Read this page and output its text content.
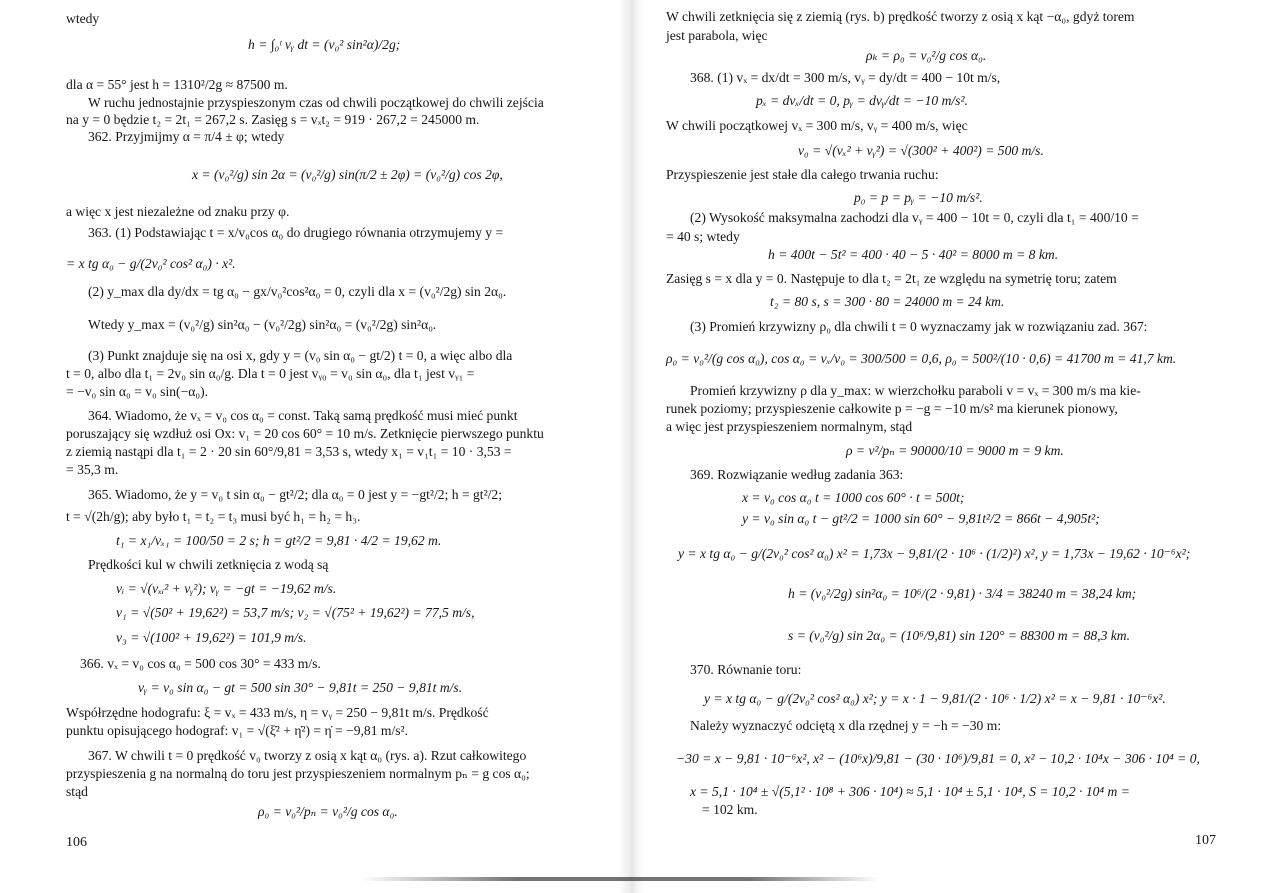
wtedy
h = ∫₀ᵗ vᵧ dt = (v₀² sin²α)/2g;
dla α = 55° jest h = 1310²/2g ≈ 87500 m.
W ruchu jednostajnie przyspieszonym czas od chwili początkowej do chwili zejścia
na y = 0 będzie t₂ = 2t₁ = 267,2 s. Zasięg s = vₓt₂ = 919 · 267,2 = 245000 m.
362. Przyjmijmy α = π/4 ± φ; wtedy
x = (v₀²/g) sin 2α = (v₀²/g) sin(π/2 ± 2φ) = (v₀²/g) cos 2φ,
a więc x jest niezależne od znaku przy φ.
363. (1) Podstawiając t = x/v₀cos α₀ do drugiego równania otrzymujemy y =
= x tg α₀ − g/(2v₀² cos² α₀) · x².
(2) y_max dla dy/dx = tg α₀ − gx/v₀²cos²α₀ = 0, czyli dla x = (v₀²/2g) sin 2α₀.
Wtedy y_max = (v₀²/g) sin²α₀ − (v₀²/2g) sin²α₀ = (v₀²/2g) sin²α₀.
(3) Punkt znajduje się na osi x, gdy y = (v₀ sin α₀ − gt/2) t = 0, a więc albo dla
t = 0, albo dla t₁ = 2v₀ sin α₀/g. Dla t = 0 jest vᵧ₀ = v₀ sin α₀, dla t₁ jest vᵧ₁ =
= −v₀ sin α₀ = v₀ sin(−α₀).
364. Wiadomo, że vₓ = v₀ cos α₀ = const. Taką samą prędkość musi mieć punkt
poruszający się wzdłuż osi Ox: v₁ = 20 cos 60° = 10 m/s. Zetknięcie pierwszego punktu
z ziemią nastąpi dla t₁ = 2 · 20 sin 60°/9,81 = 3,53 s, wtedy x₁ = v₁t₁ = 10 · 3,53 =
= 35,3 m.
365. Wiadomo, że y = v₀ t sin α₀ − gt²/2; dla α₀ = 0 jest y = −gt²/2; h = gt²/2;
t = √(2h/g); aby było t₁ = t₂ = t₃ musi być h₁ = h₂ = h₃.
t₁ = x₁/vₓ₁ = 100/50 = 2 s; h = gt²/2 = 9,81 · 4/2 = 19,62 m.
Prędkości kul w chwili zetknięcia z wodą są
vᵢ = √(vₓᵢ² + vᵧ²); vᵧ = −gt = −19,62 m/s.
v₁ = √(50² + 19,62²) = 53,7 m/s; v₂ = √(75² + 19,62²) = 77,5 m/s,
v₃ = √(100² + 19,62²) = 101,9 m/s.
366. vₓ = v₀ cos α₀ = 500 cos 30° = 433 m/s.
vᵧ = v₀ sin α₀ − gt = 500 sin 30° − 9,81t = 250 − 9,81t m/s.
Współrzędne hodografu: ξ = vₓ = 433 m/s, η = vᵧ = 250 − 9,81t m/s. Prędkość
punktu opisującego hodograf: v₁ = √(ξ̇² + η̇²) = η̇ = −9,81 m/s².
367. W chwili t = 0 prędkość v₀ tworzy z osią x kąt α₀ (rys. a). Rzut całkowitego
przyspieszenia g na normalną do toru jest przyspieszeniem normalnym pₙ = g cos α₀;
stąd
ρ₀ = v₀²/pₙ = v₀²/g cos α₀.
106
W chwili zetknięcia się z ziemią (rys. b) prędkość tworzy z osią x kąt −α₀, gdyż torem
jest parabola, więc
ρₖ = ρ₀ = v₀²/g cos α₀.
368. (1) vₓ = dx/dt = 300 m/s, vᵧ = dy/dt = 400 − 10t m/s,
pₓ = dvₓ/dt = 0, pᵧ = dvᵧ/dt = −10 m/s².
W chwili początkowej vₓ = 300 m/s, vᵧ = 400 m/s, więc
v₀ = √(vₓ² + vᵧ²) = √(300² + 400²) = 500 m/s.
Przyspieszenie jest stałe dla całego trwania ruchu:
p₀ = p = pᵧ = −10 m/s².
(2) Wysokość maksymalna zachodzi dla vᵧ = 400 − 10t = 0, czyli dla t₁ = 400/10 =
= 40 s; wtedy
h = 400t − 5t² = 400 · 40 − 5 · 40² = 8000 m = 8 km.
Zasięg s = x dla y = 0. Następuje to dla t₂ = 2t₁ ze względu na symetrię toru; zatem
t₂ = 80 s, s = 300 · 80 = 24000 m = 24 km.
(3) Promień krzywizny ρ₀ dla chwili t = 0 wyznaczamy jak w rozwiązaniu zad. 367:
ρ₀ = v₀²/(g cos α₀), cos α₀ = vₓ/v₀ = 300/500 = 0,6, ρ₀ = 500²/(10 · 0,6) = 41700 m = 41,7 km.
Promień krzywizny ρ dla y_max: w wierzchołku paraboli v = vₓ = 300 m/s ma kie-
runek poziomy; przyspieszenie całkowite p = −g = −10 m/s² ma kierunek pionowy,
a więc jest przyspieszeniem normalnym, stąd
ρ = v²/pₙ = 90000/10 = 9000 m = 9 km.
369. Rozwiązanie według zadania 363:
x = v₀ cos α₀ t = 1000 cos 60° · t = 500t;
y = v₀ sin α₀ t − gt²/2 = 1000 sin 60° − 9,81t²/2 = 866t − 4,905t²;
y = x tg α₀ − g/(2v₀² cos² α₀) x² = 1,73x − 9,81/(2 · 10⁶ · (1/2)²) x², y = 1,73x − 19,62 · 10⁻⁶x²;
h = (v₀²/2g) sin²α₀ = 10⁶/(2 · 9,81) · 3/4 = 38240 m = 38,24 km;
s = (v₀²/g) sin 2α₀ = (10⁶/9,81) sin 120° = 88300 m = 88,3 km.
370. Równanie toru:
y = x tg α₀ − g/(2v₀² cos² α₀) x²; y = x · 1 − 9,81/(2 · 10⁶ · 1/2) x² = x − 9,81 · 10⁻⁶x².
Należy wyznaczyć odciętą x dla rzędnej y = −h = −30 m:
−30 = x − 9,81 · 10⁻⁶x², x² − (10⁶x)/9,81 − (30 · 10⁶)/9,81 = 0, x² − 10,2 · 10⁴x − 306 · 10⁴ = 0,
x = 5,1 · 10⁴ ± √(5,1² · 10⁸ + 306 · 10⁴) ≈ 5,1 · 10⁴ ± 5,1 · 10⁴, S = 10,2 · 10⁴ m =
= 102 km.
107
